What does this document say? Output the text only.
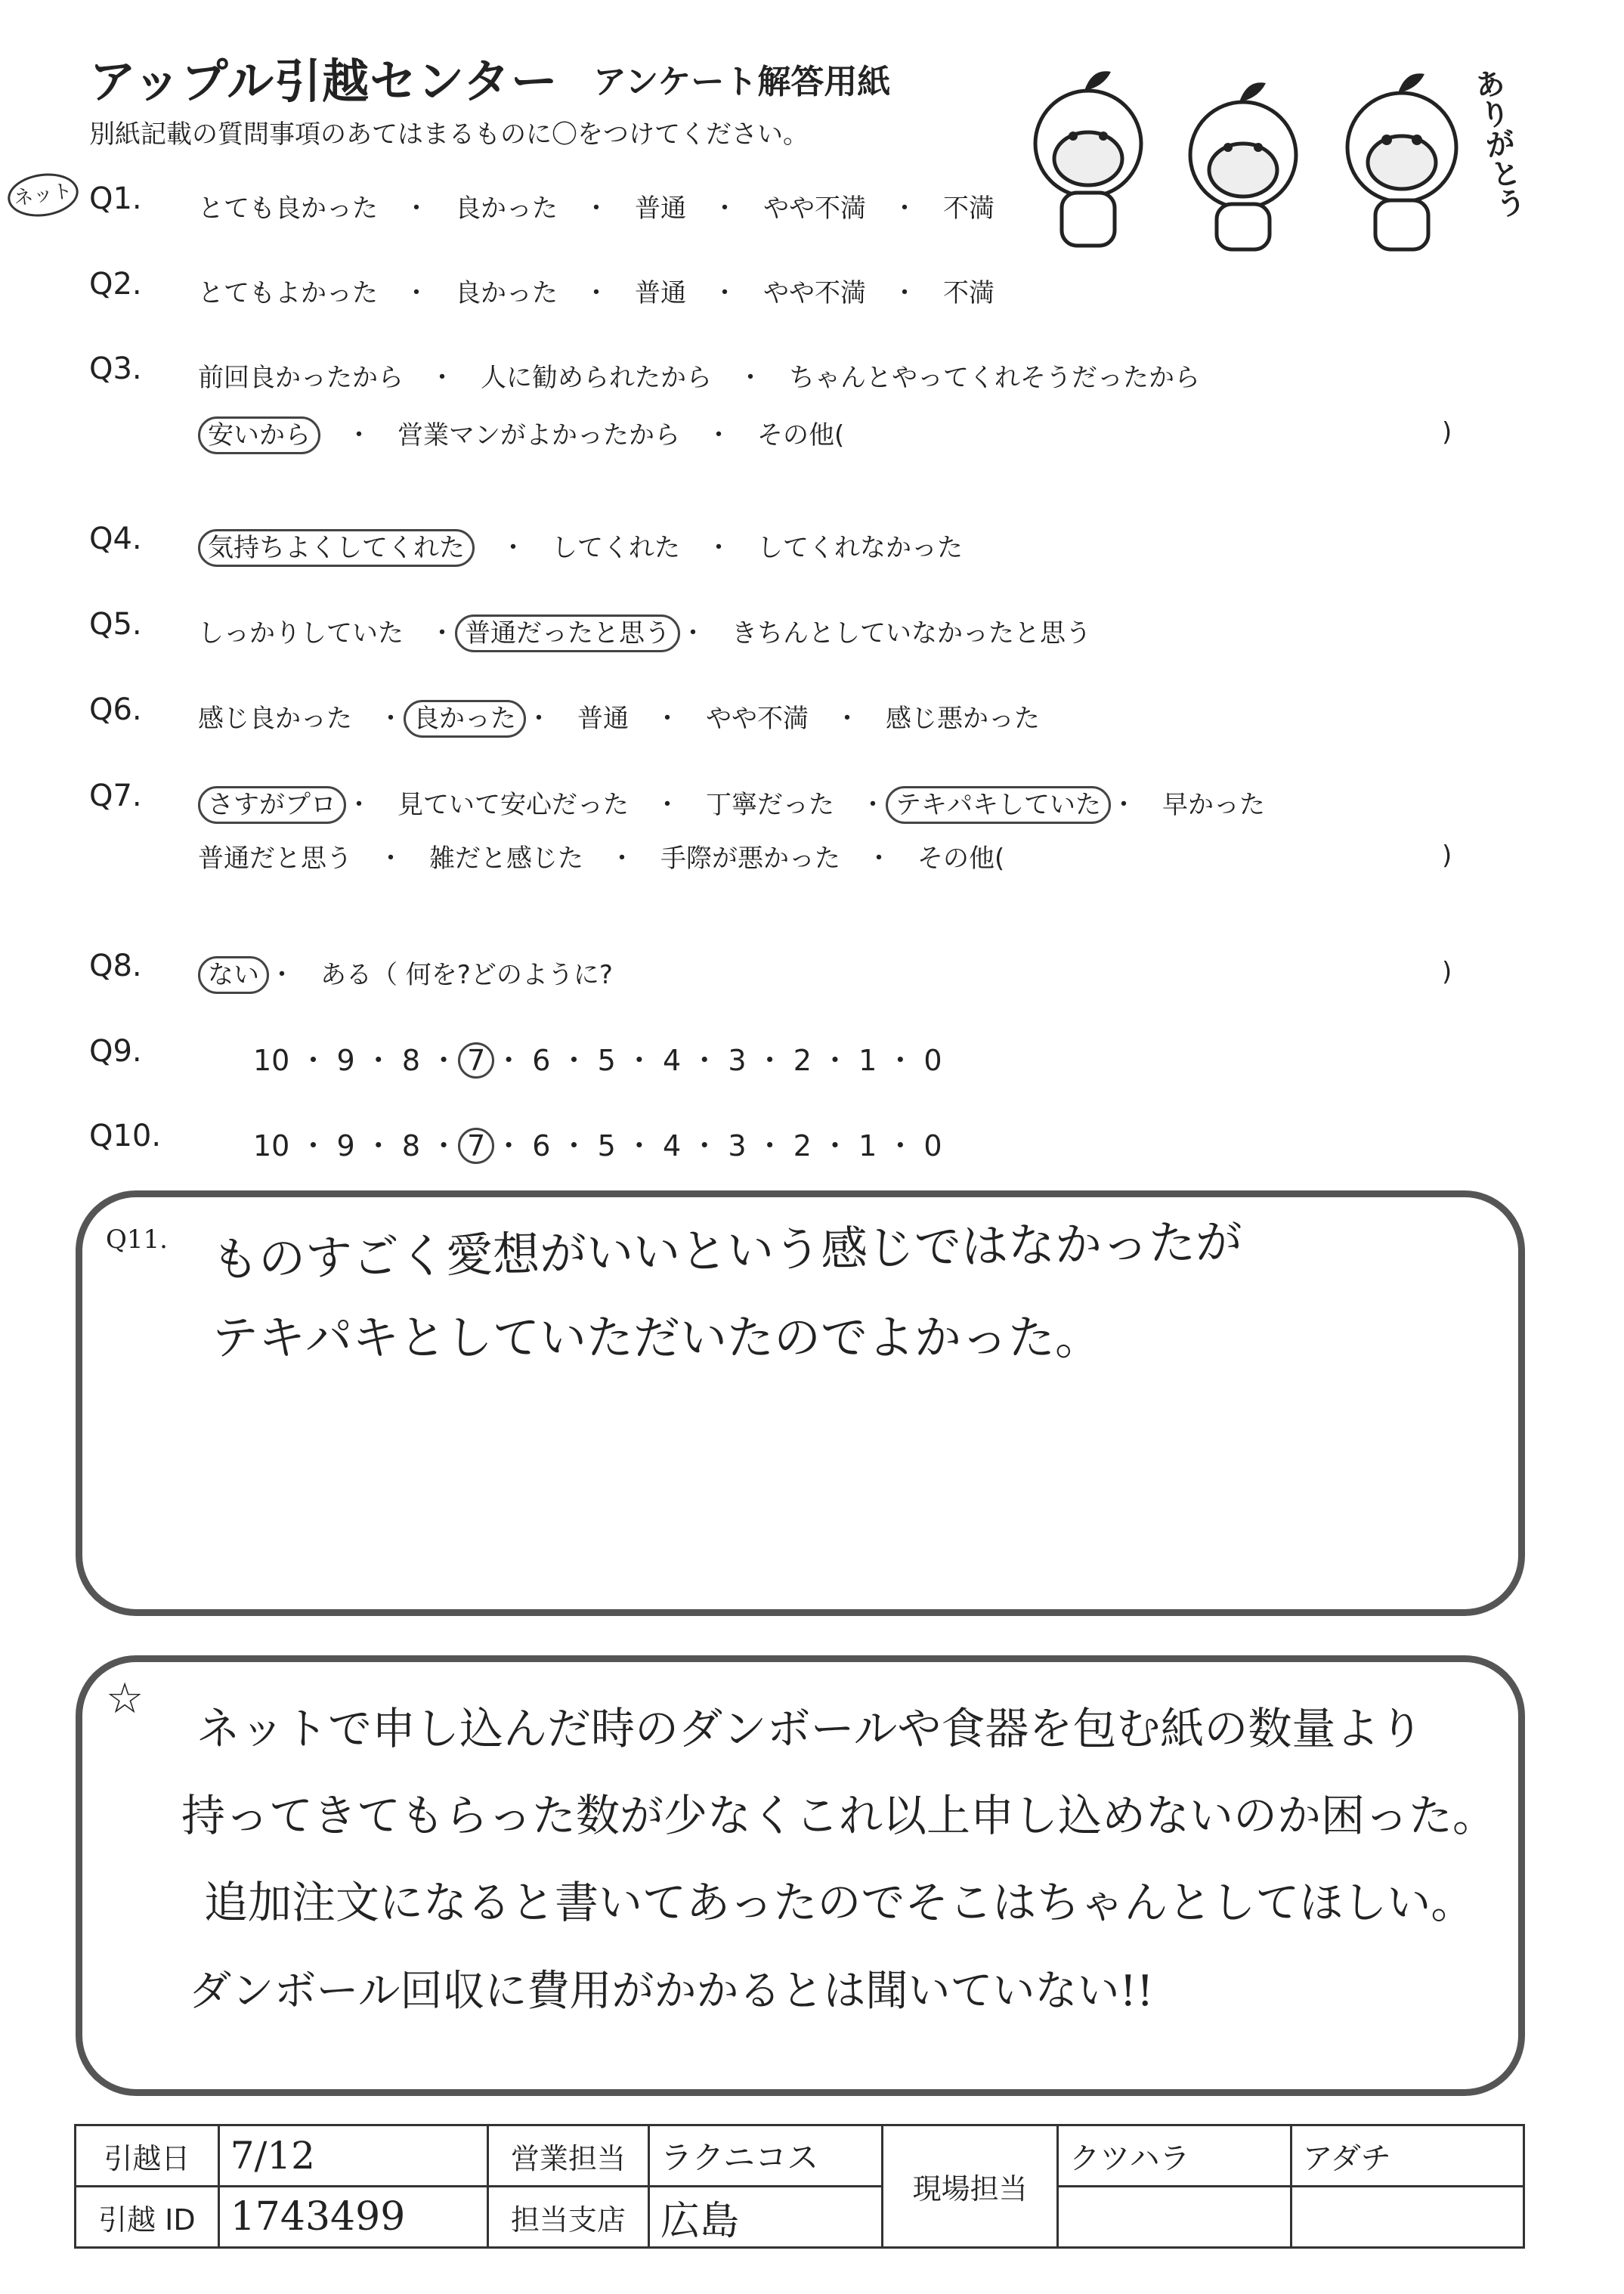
アップル引越センター アンケート解答用紙
別紙記載の質問事項のあてはまるものに〇をつけてください。
ネット	ありがとう
Q1. とても良かった　・　良かった　・　普通　・　やや不満　・　不満
Q2. とてもよかった　・　良かった　・　普通　・　やや不満　・　不満
Q3. 前回良かったから　・　人に勧められたから　・　ちゃんとやってくれそうだったから
安いから　・　営業マンがよかったから　・　その他(	)
Q4.	気持ちよくしてくれた　・　してくれた　・　してくれなかった
Q5. しっかりしていた　・ 普通だったと思う ・　きちんとしていなかったと思う
Q6. 感じ良かった　・ 良かった ・　普通　・　やや不満　・　感じ悪かった
Q7.	さすがプロ ・　見ていて安心だった　・　丁寧だった　・ テキパキしていた ・　早かった
普通だと思う　・　雑だと感じた　・　手際が悪かった　・　その他(	)
Q8.	ない ・　ある（ 何を?どのように?	)
Q9.	10 ・ 9 ・ 8 ・ 7 ・ 6 ・ 5 ・ 4 ・ 3 ・ 2 ・ 1 ・ 0
Q10.	10 ・ 9 ・ 8 ・ 7 ・ 6 ・ 5 ・ 4 ・ 3 ・ 2 ・ 1 ・ 0
Q11. ものすごく愛想がいいという感じではなかったが
テキパキとしていただいたのでよかった。
☆
ネットで申し込んだ時のダンボールや食器を包む紙の数量より
持ってきてもらった数が少なくこれ以上申し込めないのか困った。
追加注文になると書いてあったのでそこはちゃんとしてほしい。
ダンボール回収に費用がかかるとは聞いていない!!
引越日	7/12	営業担当	ラクニコス	現場担当	クツハラ	アダチ
引越 ID	1743499	担当支店	広島			
